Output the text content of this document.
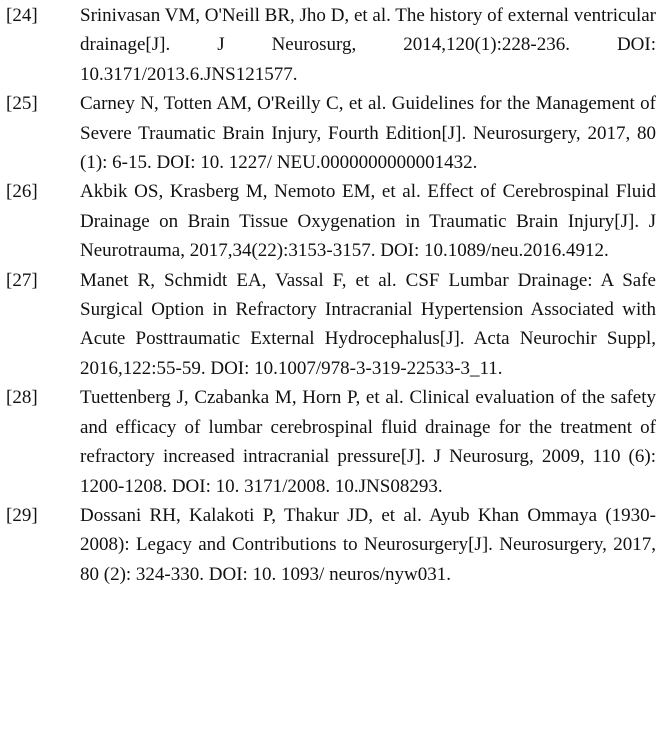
[24]	Srinivasan VM, O'Neill BR, Jho D, et al. The history of external ventricular drainage[J]. J Neurosurg, 2014,120(1):228-236. DOI: 10.3171/2013.6.JNS121577.
[25]	Carney N, Totten AM, O'Reilly C, et al. Guidelines for the Management of Severe Traumatic Brain Injury, Fourth Edition[J]. Neurosurgery, 2017, 80 (1): 6-15. DOI: 10. 1227/ NEU.0000000000001432.
[26]	Akbik OS, Krasberg M, Nemoto EM, et al. Effect of Cerebrospinal Fluid Drainage on Brain Tissue Oxygenation in Traumatic Brain Injury[J]. J Neurotrauma, 2017,34(22):3153-3157. DOI: 10.1089/neu.2016.4912.
[27]	Manet R, Schmidt EA, Vassal F, et al. CSF Lumbar Drainage: A Safe Surgical Option in Refractory Intracranial Hypertension Associated with Acute Posttraumatic External Hydrocephalus[J]. Acta Neurochir Suppl, 2016,122:55-59. DOI: 10.1007/978-3-319-22533-3_11.
[28]	Tuettenberg J, Czabanka M, Horn P, et al. Clinical evaluation of the safety and efficacy of lumbar cerebrospinal fluid drainage for the treatment of refractory increased intracranial pressure[J]. J Neurosurg, 2009, 110 (6): 1200-1208. DOI: 10. 3171/2008. 10.JNS08293.
[29]	Dossani RH, Kalakoti P, Thakur JD, et al. Ayub Khan Ommaya (1930-2008): Legacy and Contributions to Neurosurgery[J]. Neurosurgery, 2017, 80 (2): 324-330. DOI: 10. 1093/ neuros/nyw031.
